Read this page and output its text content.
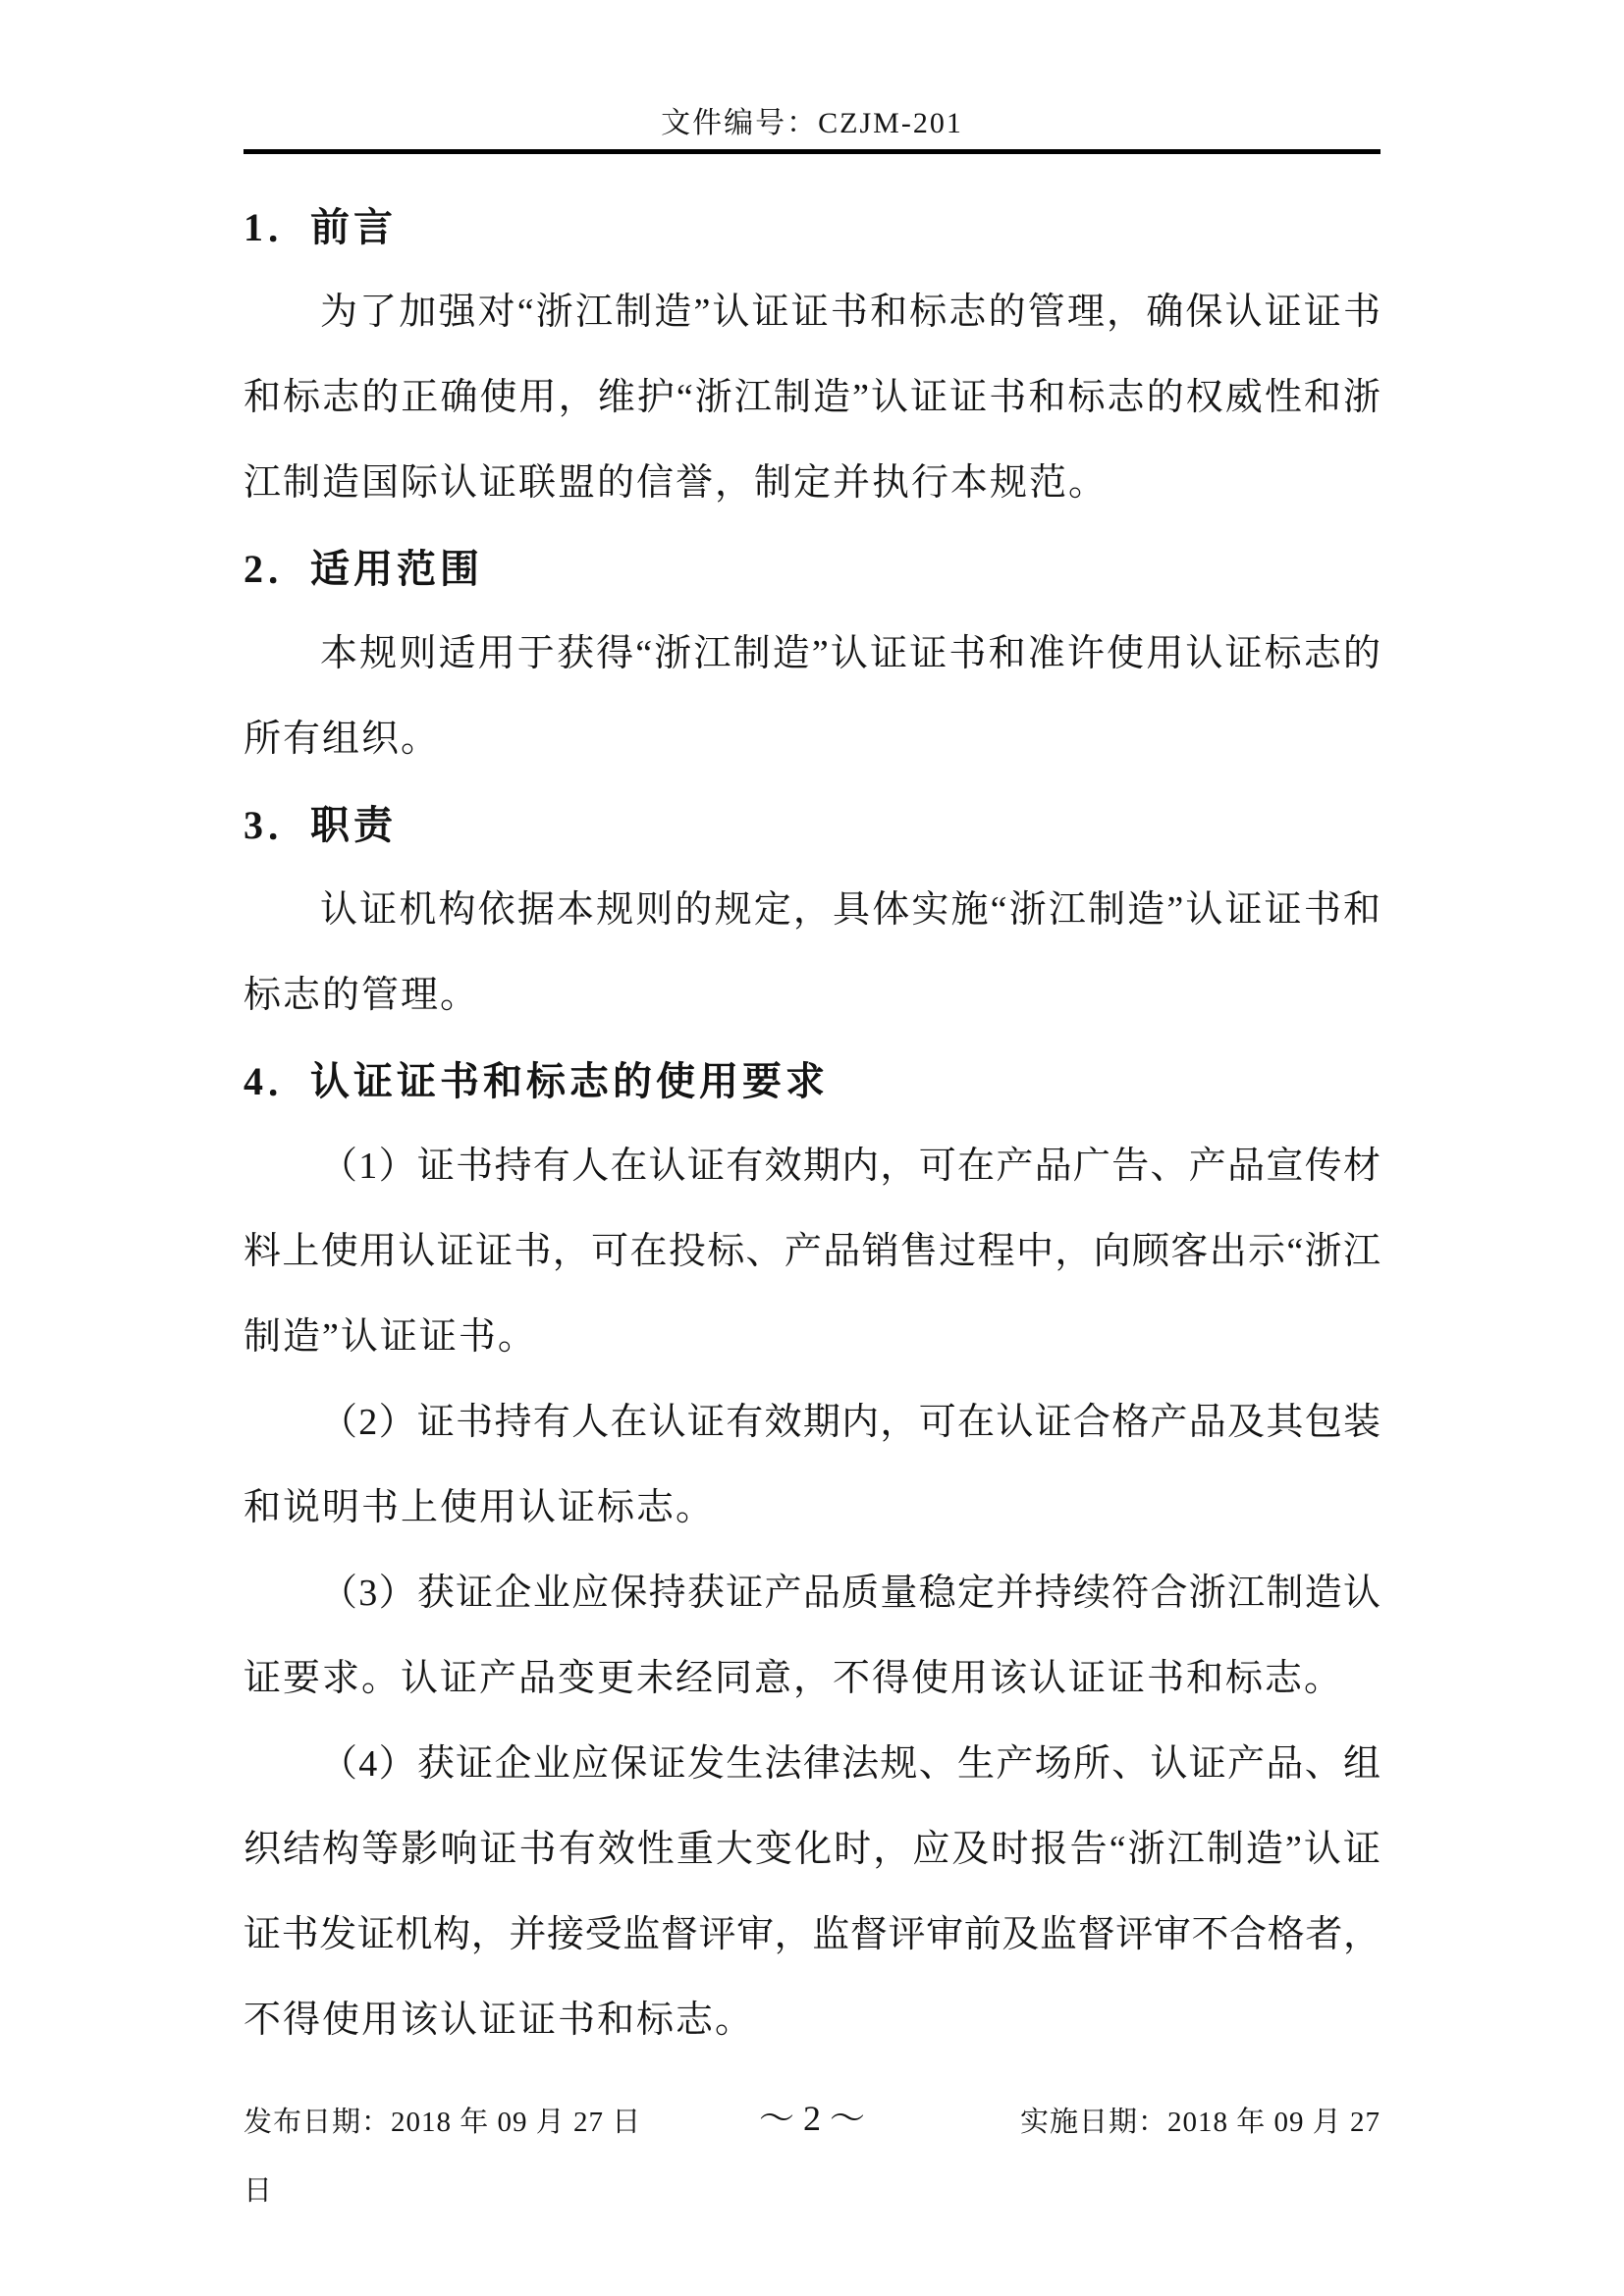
文件编号：CZJM-201
1．前言
为了加强对“浙江制造”认证证书和标志的管理，确保认证证书
和标志的正确使用，维护“浙江制造”认证证书和标志的权威性和浙
江制造国际认证联盟的信誉，制定并执行本规范。
2．适用范围
本规则适用于获得“浙江制造”认证证书和准许使用认证标志的
所有组织。
3．职责
认证机构依据本规则的规定，具体实施“浙江制造”认证证书和
标志的管理。
4．认证证书和标志的使用要求
（1）证书持有人在认证有效期内，可在产品广告、产品宣传材
料上使用认证证书，可在投标、产品销售过程中，向顾客出示“浙江
制造”认证证书。
（2）证书持有人在认证有效期内，可在认证合格产品及其包装
和说明书上使用认证标志。
（3）获证企业应保持获证产品质量稳定并持续符合浙江制造认
证要求。认证产品变更未经同意，不得使用该认证证书和标志。
（4）获证企业应保证发生法律法规、生产场所、认证产品、组
织结构等影响证书有效性重大变化时，应及时报告“浙江制造”认证
证书发证机构，并接受监督评审，监督评审前及监督评审不合格者，
不得使用该认证证书和标志。
发布日期：2018 年 09 月 27 日	～ 2 ～	实施日期：2018 年 09 月 27
日
